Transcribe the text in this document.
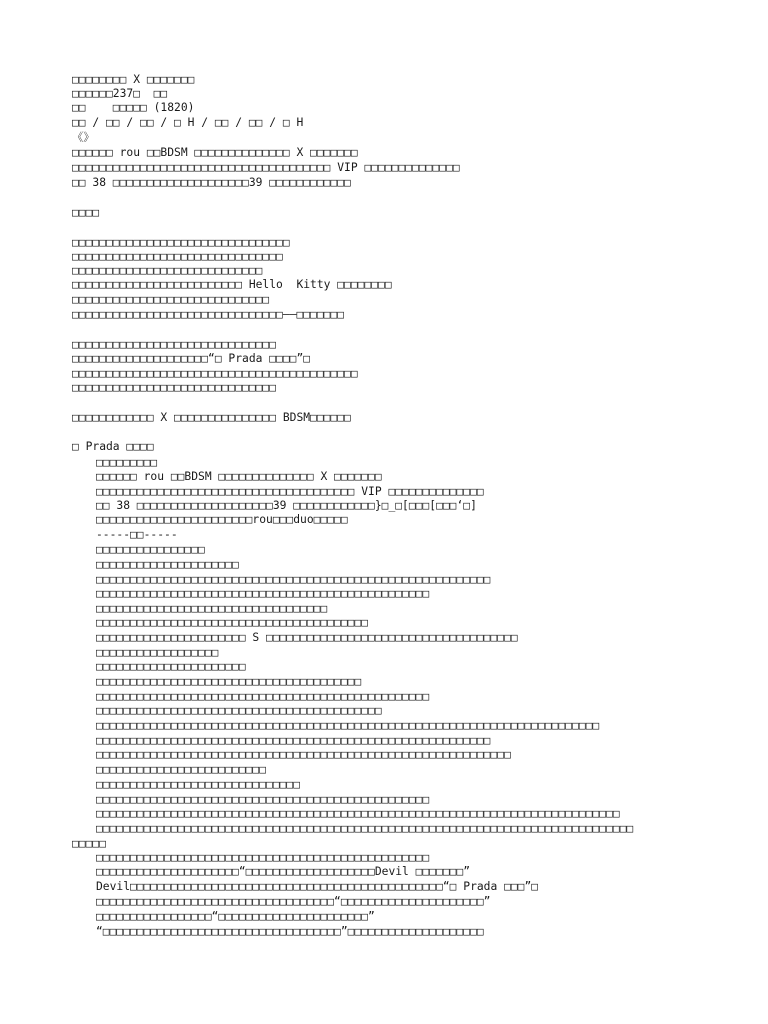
□□□□□□□□ X □□□□□□□
□□□□□□237□  □□
□□    □□□□□ (1820)
□□ / □□ / □□ / □ H / □□ / □□ / □ H
《》
□□□□□□ rou □□BDSM □□□□□□□□□□□□□□ X □□□□□□□
□□□□□□□□□□□□□□□□□□□□□□□□□□□□□□□□□□□□□□ VIP □□□□□□□□□□□□□□
□□ 38 □□□□□□□□□□□□□□□□□□□□39 □□□□□□□□□□□□
□□□□
□□□□□□□□□□□□□□□□□□□□□□□□□□□□□□□□
□□□□□□□□□□□□□□□□□□□□□□□□□□□□□□□
□□□□□□□□□□□□□□□□□□□□□□□□□□□□
□□□□□□□□□□□□□□□□□□□□□□□□□ Hello  Kitty □□□□□□□□
□□□□□□□□□□□□□□□□□□□□□□□□□□□□□
□□□□□□□□□□□□□□□□□□□□□□□□□□□□□□□——□□□□□□□
□□□□□□□□□□□□□□□□□□□□□□□□□□□□□□
□□□□□□□□□□□□□□□□□□□□“□ Prada □□□□”□
□□□□□□□□□□□□□□□□□□□□□□□□□□□□□□□□□□□□□□□□□□
□□□□□□□□□□□□□□□□□□□□□□□□□□□□□□
□□□□□□□□□□□□ X □□□□□□□□□□□□□□□ BDSM□□□□□□
□ Prada □□□□
□□□□□□□□□
□□□□□□ rou □□BDSM □□□□□□□□□□□□□□ X □□□□□□□
□□□□□□□□□□□□□□□□□□□□□□□□□□□□□□□□□□□□□□ VIP □□□□□□□□□□□□□□
□□ 38 □□□□□□□□□□□□□□□□□□□□39 □□□□□□□□□□□□}□_□[□□□[□□□‘□]
□□□□□□□□□□□□□□□□□□□□□□□rou□□□duo□□□□□
-----□□-----
□□□□□□□□□□□□□□□□
□□□□□□□□□□□□□□□□□□□□□
□□□□□□□□□□□□□□□□□□□□□□□□□□□□□□□□□□□□□□□□□□□□□□□□□□□□□□□□□□
□□□□□□□□□□□□□□□□□□□□□□□□□□□□□□□□□□□□□□□□□□□□□□□□□
□□□□□□□□□□□□□□□□□□□□□□□□□□□□□□□□□□
□□□□□□□□□□□□□□□□□□□□□□□□□□□□□□□□□□□□□□□□
□□□□□□□□□□□□□□□□□□□□□□ S □□□□□□□□□□□□□□□□□□□□□□□□□□□□□□□□□□□□□
□□□□□□□□□□□□□□□□□□
□□□□□□□□□□□□□□□□□□□□□□
□□□□□□□□□□□□□□□□□□□□□□□□□□□□□□□□□□□□□□□
□□□□□□□□□□□□□□□□□□□□□□□□□□□□□□□□□□□□□□□□□□□□□□□□□
□□□□□□□□□□□□□□□□□□□□□□□□□□□□□□□□□□□□□□□□□□
□□□□□□□□□□□□□□□□□□□□□□□□□□□□□□□□□□□□□□□□□□□□□□□□□□□□□□□□□□□□□□□□□□□□□□□□□□
□□□□□□□□□□□□□□□□□□□□□□□□□□□□□□□□□□□□□□□□□□□□□□□□□□□□□□□□□□
□□□□□□□□□□□□□□□□□□□□□□□□□□□□□□□□□□□□□□□□□□□□□□□□□□□□□□□□□□□□□
□□□□□□□□□□□□□□□□□□□□□□□□□
□□□□□□□□□□□□□□□□□□□□□□□□□□□□□□
□□□□□□□□□□□□□□□□□□□□□□□□□□□□□□□□□□□□□□□□□□□□□□□□□
□□□□□□□□□□□□□□□□□□□□□□□□□□□□□□□□□□□□□□□□□□□□□□□□□□□□□□□□□□□□□□□□□□□□□□□□□□□□□
□□□□□□□□□□□□□□□□□□□□□□□□□□□□□□□□□□□□□□□□□□□□□□□□□□□□□□□□□□□□□□□□□□□□□□□□□□□□□□□
□□□□□
□□□□□□□□□□□□□□□□□□□□□□□□□□□□□□□□□□□□□□□□□□□□□□□□□
□□□□□□□□□□□□□□□□□□□□□“□□□□□□□□□□□□□□□□□□□Devil □□□□□□□”
Devil□□□□□□□□□□□□□□□□□□□□□□□□□□□□□□□□□□□□□□□□□□□□□□“□ Prada □□□”□
□□□□□□□□□□□□□□□□□□□□□□□□□□□□□□□□□□□“□□□□□□□□□□□□□□□□□□□□□”
□□□□□□□□□□□□□□□□□“□□□□□□□□□□□□□□□□□□□□□□”
“□□□□□□□□□□□□□□□□□□□□□□□□□□□□□□□□□□□”□□□□□□□□□□□□□□□□□□□□
